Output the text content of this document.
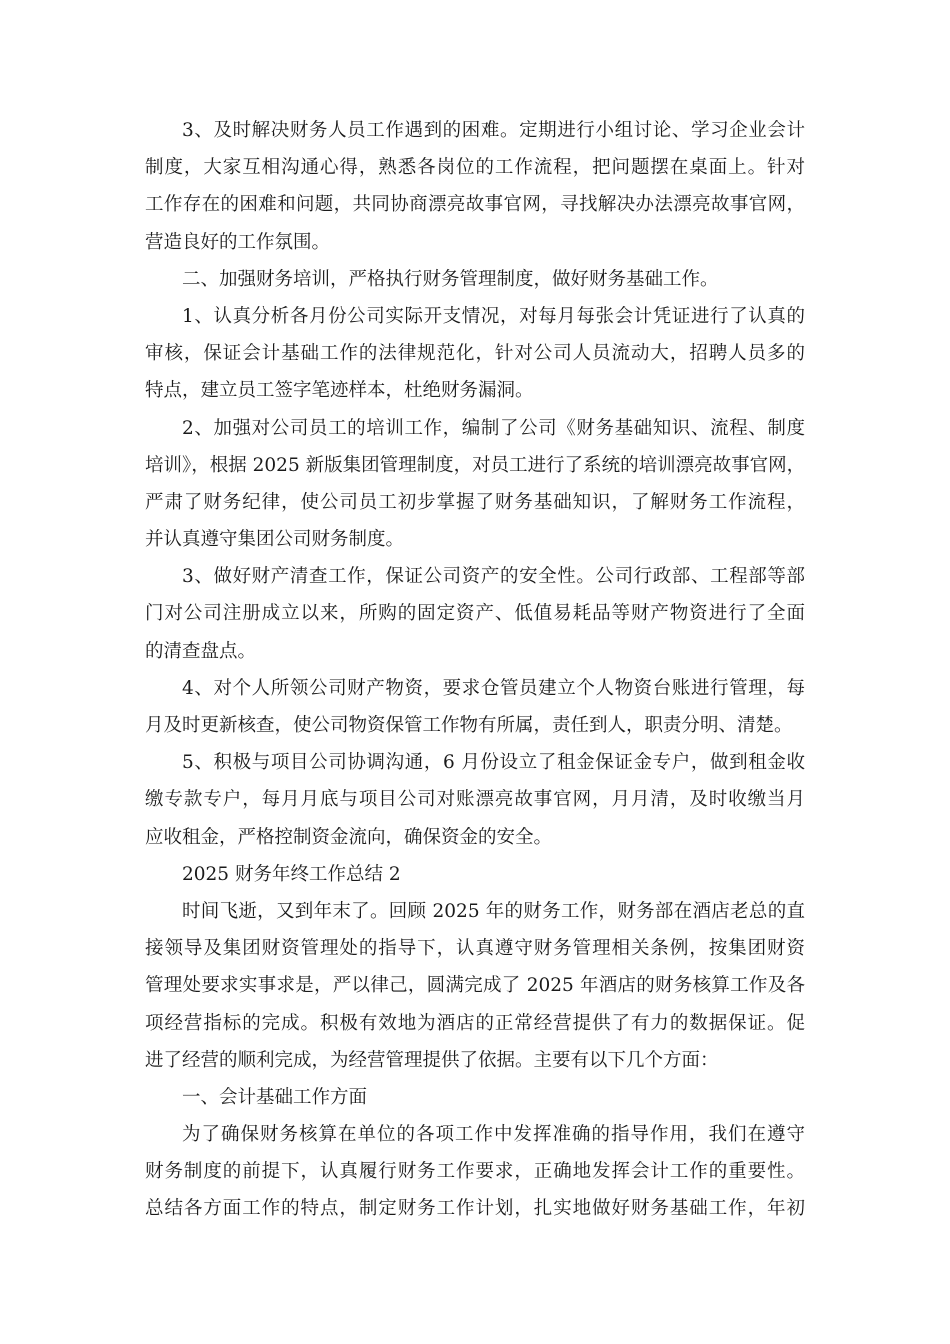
3、及时解决财务人员工作遇到的困难。定期进行小组讨论、学习企业会计
制度，大家互相沟通心得，熟悉各岗位的工作流程，把问题摆在桌面上。针对
工作存在的困难和问题，共同协商漂亮故事官网，寻找解决办法漂亮故事官网，
营造良好的工作氛围。
二、加强财务培训，严格执行财务管理制度，做好财务基础工作。
1、认真分析各月份公司实际开支情况，对每月每张会计凭证进行了认真的
审核，保证会计基础工作的法律规范化，针对公司人员流动大，招聘人员多的
特点，建立员工签字笔迹样本，杜绝财务漏洞。
2、加强对公司员工的培训工作，编制了公司《财务基础知识、流程、制度
培训》，根据 2025 新版集团管理制度，对员工进行了系统的培训漂亮故事官网，
严肃了财务纪律，使公司员工初步掌握了财务基础知识，了解财务工作流程，
并认真遵守集团公司财务制度。
3、做好财产清查工作，保证公司资产的安全性。公司行政部、工程部等部
门对公司注册成立以来，所购的固定资产、低值易耗品等财产物资进行了全面
的清查盘点。
4、对个人所领公司财产物资，要求仓管员建立个人物资台账进行管理，每
月及时更新核查，使公司物资保管工作物有所属，责任到人，职责分明、清楚。
5、积极与项目公司协调沟通，6 月份设立了租金保证金专户，做到租金收
缴专款专户，每月月底与项目公司对账漂亮故事官网，月月清，及时收缴当月
应收租金，严格控制资金流向，确保资金的安全。
2025 财务年终工作总结 2
时间飞逝，又到年末了。回顾 2025 年的财务工作，财务部在酒店老总的直
接领导及集团财资管理处的指导下，认真遵守财务管理相关条例，按集团财资
管理处要求实事求是，严以律己，圆满完成了 2025 年酒店的财务核算工作及各
项经营指标的完成。积极有效地为酒店的正常经营提供了有力的数据保证。促
进了经营的顺利完成，为经营管理提供了依据。主要有以下几个方面：
一、会计基础工作方面
为了确保财务核算在单位的各项工作中发挥准确的指导作用，我们在遵守
财务制度的前提下，认真履行财务工作要求，正确地发挥会计工作的重要性。
总结各方面工作的特点，制定财务工作计划，扎实地做好财务基础工作，年初
